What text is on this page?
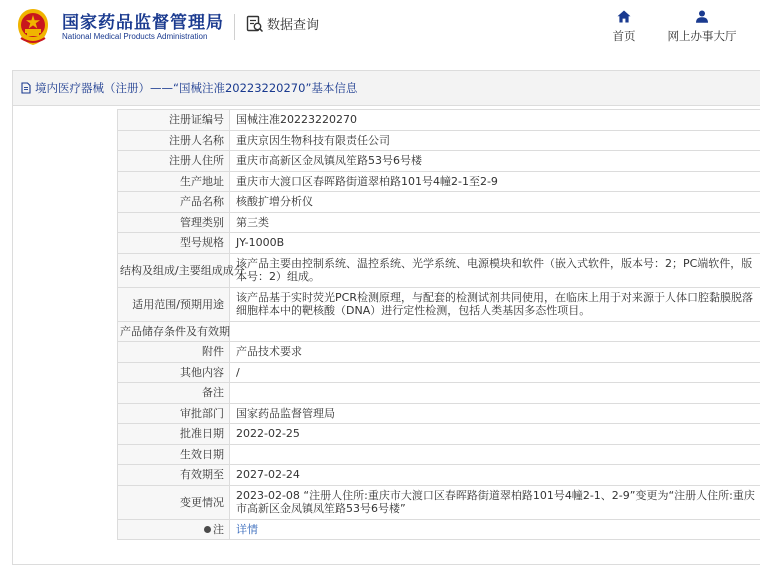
国家药品监督管理局
National Medical Products Administration
数据查询
首页	网上办事大厅
境内医疗器械（注册）——“国械注准20223220270”基本信息
注册证编号	国械注准20223220270
注册人名称	重庆京因生物科技有限责任公司
注册人住所	重庆市高新区金凤镇凤笙路53号6号楼
生产地址	重庆市大渡口区春晖路街道翠柏路101号4幢2-1至2-9
产品名称	核酸扩增分析仪
管理类别	第三类
型号规格	JY-1000B
结构及组成/主要组成成分	该产品主要由控制系统、温控系统、光学系统、电源模块和软件（嵌入式软件，版本号：2；PC端软件，版本号：2）组成。
适用范围/预期用途	该产品基于实时荧光PCR检测原理，与配套的检测试剂共同使用，在临床上用于对来源于人体口腔黏膜脱落细胞样本中的靶核酸（DNA）进行定性检测，包括人类基因多态性项目。
产品储存条件及有效期	
附件	产品技术要求
其他内容	/
备注	
审批部门	国家药品监督管理局
批准日期	2022-02-25
生效日期	
有效期至	2027-02-24
变更情况	2023-02-08 “注册人住所:重庆市大渡口区春晖路街道翠柏路101号4幢2-1、2-9”变更为“注册人住所:重庆市高新区金凤镇凤笙路53号6号楼”

注	详情
